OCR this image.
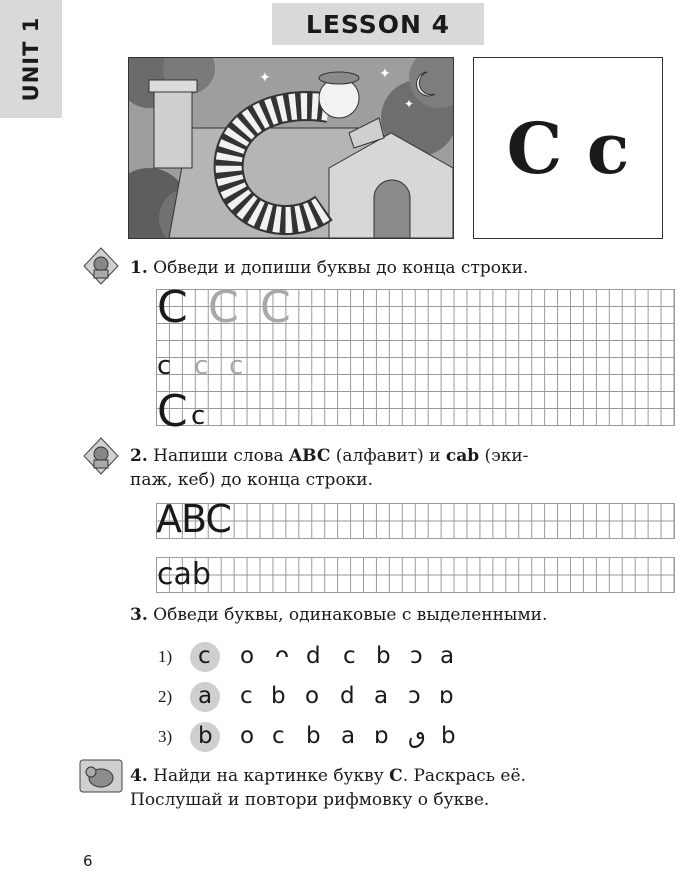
UNIT 1	LESSON 4
✦	✦
✦
C c
1. Обведи и допиши буквы до конца строки.
C C C
c c c
C c
2. Напиши слова ABC (алфавит) и cab (эки-
паж, кеб) до конца строки.
ABC
cab
3. Обведи буквы, одинаковые с выделенными.
1) c o ᴖ d c b ɔ a
2) a c b o d a ɔ ɒ
3) b o c b a ɒ ٯ b
4. Найди на картинке букву С. Раскрась её.
Послушай и повтори рифмовку о букве.
6
